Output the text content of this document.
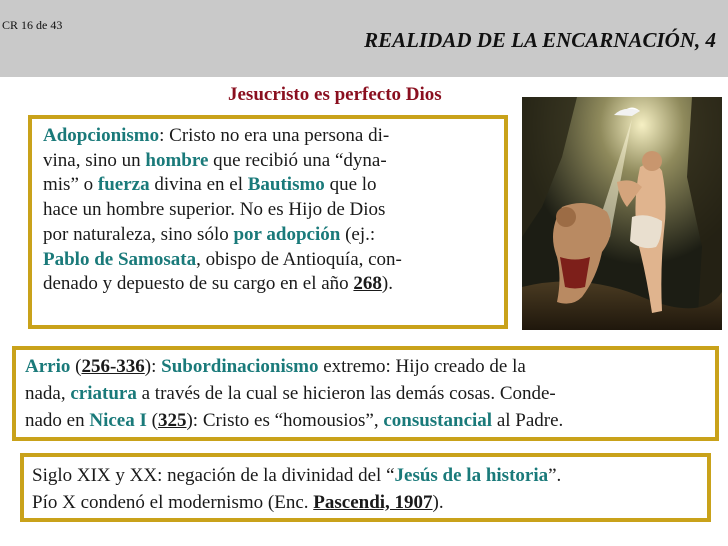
CR 16 de 43
REALIDAD DE LA ENCARNACIÓN, 4
Jesucristo es perfecto Dios
Adopcionismo: Cristo no era una persona di-
vina, sino un hombre que recibió una “dyna-
mis” o fuerza divina en el Bautismo que lo
hace un hombre superior. No es Hijo de Dios
por naturaleza, sino sólo por adopción (ej.:
Pablo de Samosata, obispo de Antioquía, con-
denado y depuesto de su cargo en el año 268).
Arrio (256-336): Subordinacionismo extremo: Hijo creado de la
nada, criatura a través de la cual se hicieron las demás cosas. Conde-
nado en Nicea I (325): Cristo es “homousios”, consustancial al Padre.
Siglo XIX y XX: negación de la divinidad del “Jesús de la historia”.
Pío X condenó el modernismo (Enc. Pascendi, 1907).
